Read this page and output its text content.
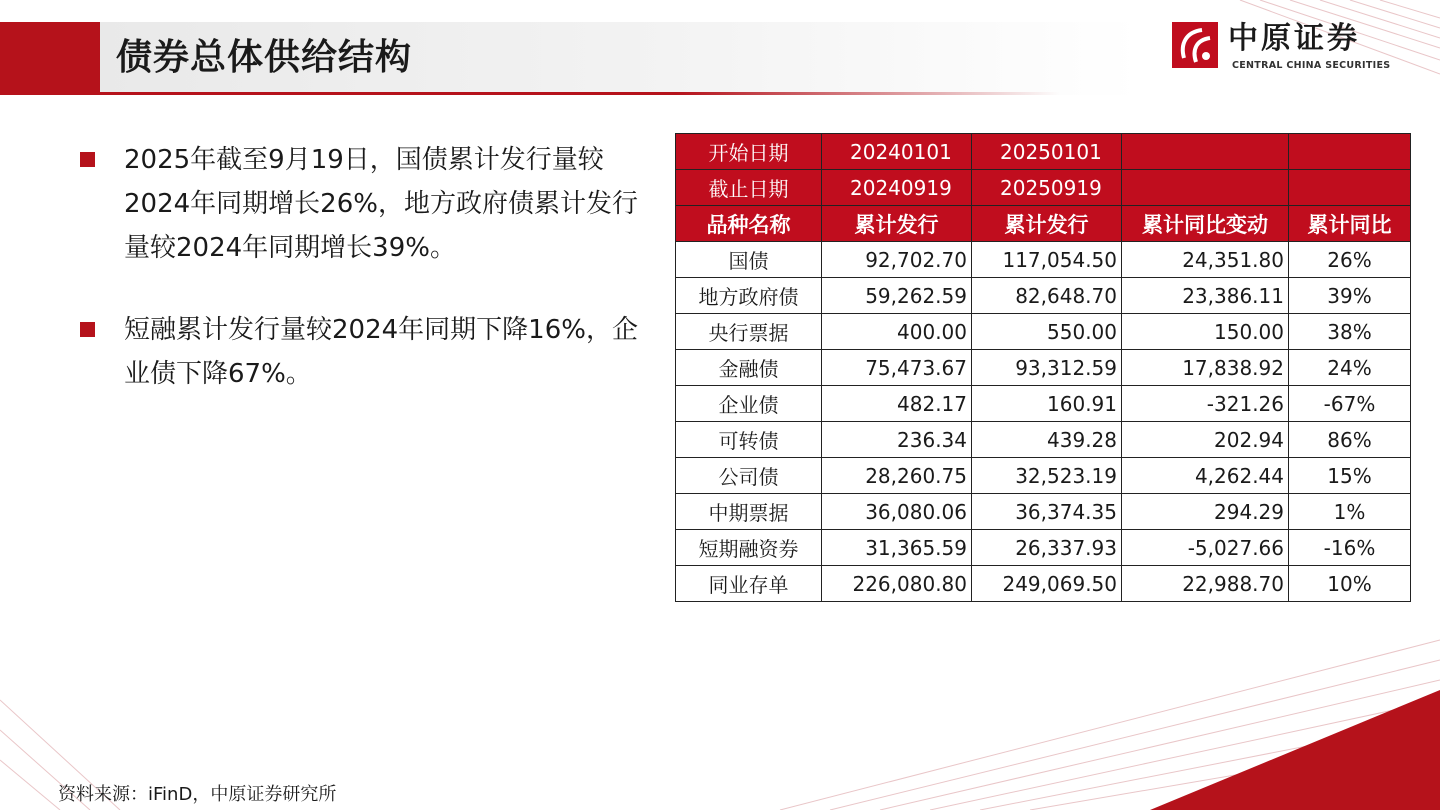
债券总体供给结构	中原证券
CENTRAL CHINA SECURITIES
2025年截至9月19日，国债累计发行量较2024年同期增长26%，地方政府债累计发行量较2024年同期增长39%。
短融累计发行量较2024年同期下降16%，企业债下降67%。
开始日期	20240101	20250101		
截止日期	20240919	20250919		
品种名称	累计发行	累计发行	累计同比变动	累计同比
国债	92,702.70	117,054.50	24,351.80	26%
地方政府债	59,262.59	82,648.70	23,386.11	39%
央行票据	400.00	550.00	150.00	38%
金融债	75,473.67	93,312.59	17,838.92	24%
企业债	482.17	160.91	-321.26	-67%
可转债	236.34	439.28	202.94	86%
公司债	28,260.75	32,523.19	4,262.44	15%
中期票据	36,080.06	36,374.35	294.29	1%
短期融资券	31,365.59	26,337.93	-5,027.66	-16%
同业存单	226,080.80	249,069.50	22,988.70	10%
资料来源：iFinD，中原证券研究所
